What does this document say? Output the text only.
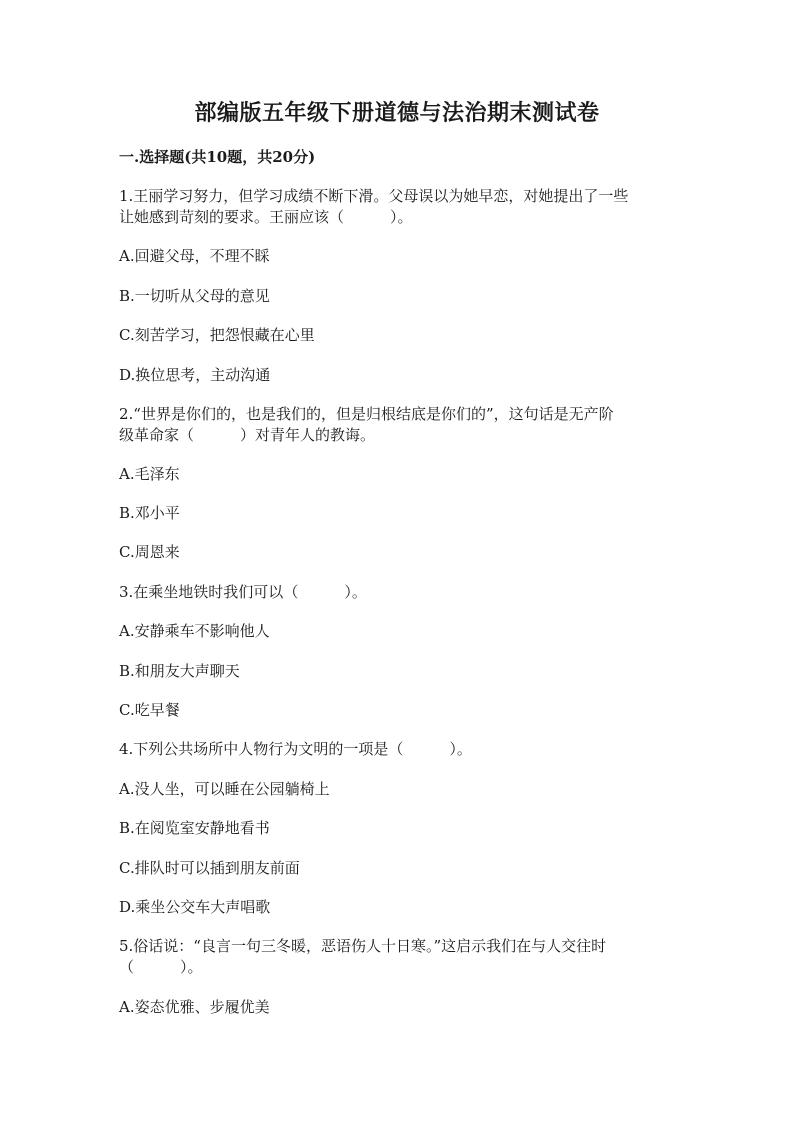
部编版五年级下册道德与法治期末测试卷
一.选择题(共10题，共20分)
1.王丽学习努力，但学习成绩不断下滑。父母误以为她早恋，对她提出了一些
让她感到苛刻的要求。王丽应该（	）。
A.回避父母，不理不睬
B.一切听从父母的意见
C.刻苦学习，把怨恨藏在心里
D.换位思考，主动沟通
2.“世界是你们的，也是我们的，但是归根结底是你们的”，这句话是无产阶
级革命家（	）对青年人的教诲。
A.毛泽东
B.邓小平
C.周恩来
3.在乘坐地铁时我们可以（	）。
A.安静乘车不影响他人
B.和朋友大声聊天
C.吃早餐
4.下列公共场所中人物行为文明的一项是（	）。
A.没人坐，可以睡在公园躺椅上
B.在阅览室安静地看书
C.排队时可以插到朋友前面
D.乘坐公交车大声唱歌
5.俗话说：“良言一句三冬暖，恶语伤人十日寒。”这启示我们在与人交往时
（	）。
A.姿态优雅、步履优美
